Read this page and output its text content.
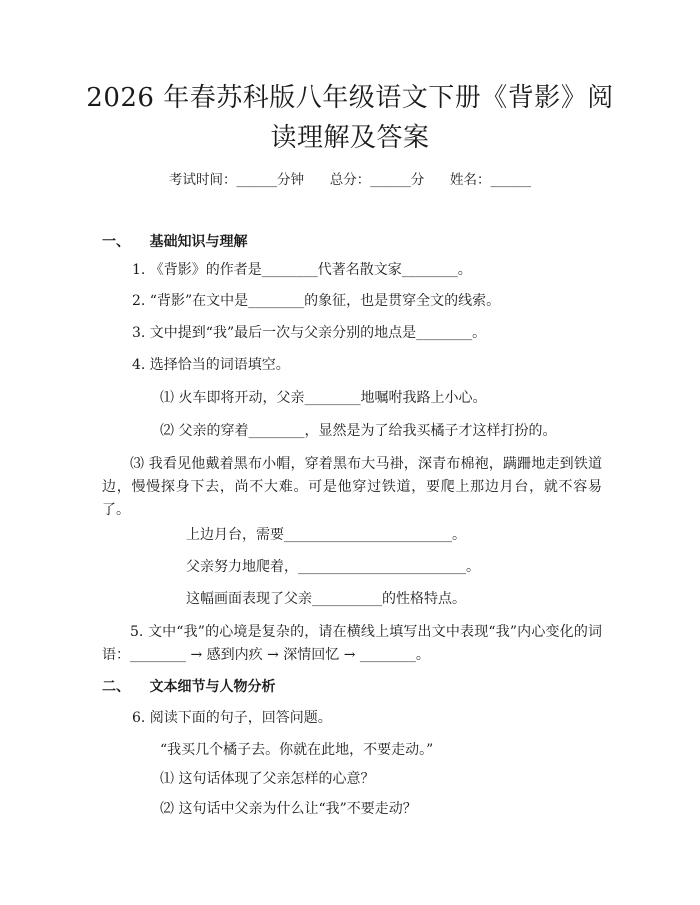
2026 年春苏科版八年级语文下册《背影》阅
读理解及答案
考试时间：______分钟      总分：______分      姓名：______
一、    基础知识与理解
1. 《背影》的作者是________代著名散文家________。
2. “背影”在文中是________的象征，也是贯穿全文的线索。
3. 文中提到“我”最后一次与父亲分别的地点是________。
4. 选择恰当的词语填空。
⑴ 火车即将开动，父亲________地嘱咐我路上小心。
⑵ 父亲的穿着________，显然是为了给我买橘子才这样打扮的。
⑶ 我看见他戴着黑布小帽，穿着黑布大马褂，深青布棉袍，蹒跚地走到铁道边，慢慢探身下去，尚不大难。可是他穿过铁道，要爬上那边月台，就不容易了。
上边月台，需要________________________。
父亲努力地爬着，________________________。
这幅画面表现了父亲__________的性格特点。
5. 文中“我”的心境是复杂的，请在横线上填写出文中表现“我”内心变化的词语：________ → 感到内疚 → 深情回忆 → ________。
二、    文本细节与人物分析
6. 阅读下面的句子，回答问题。
“我买几个橘子去。你就在此地，不要走动。”
⑴ 这句话体现了父亲怎样的心意？
⑵ 这句话中父亲为什么让“我”不要走动？
